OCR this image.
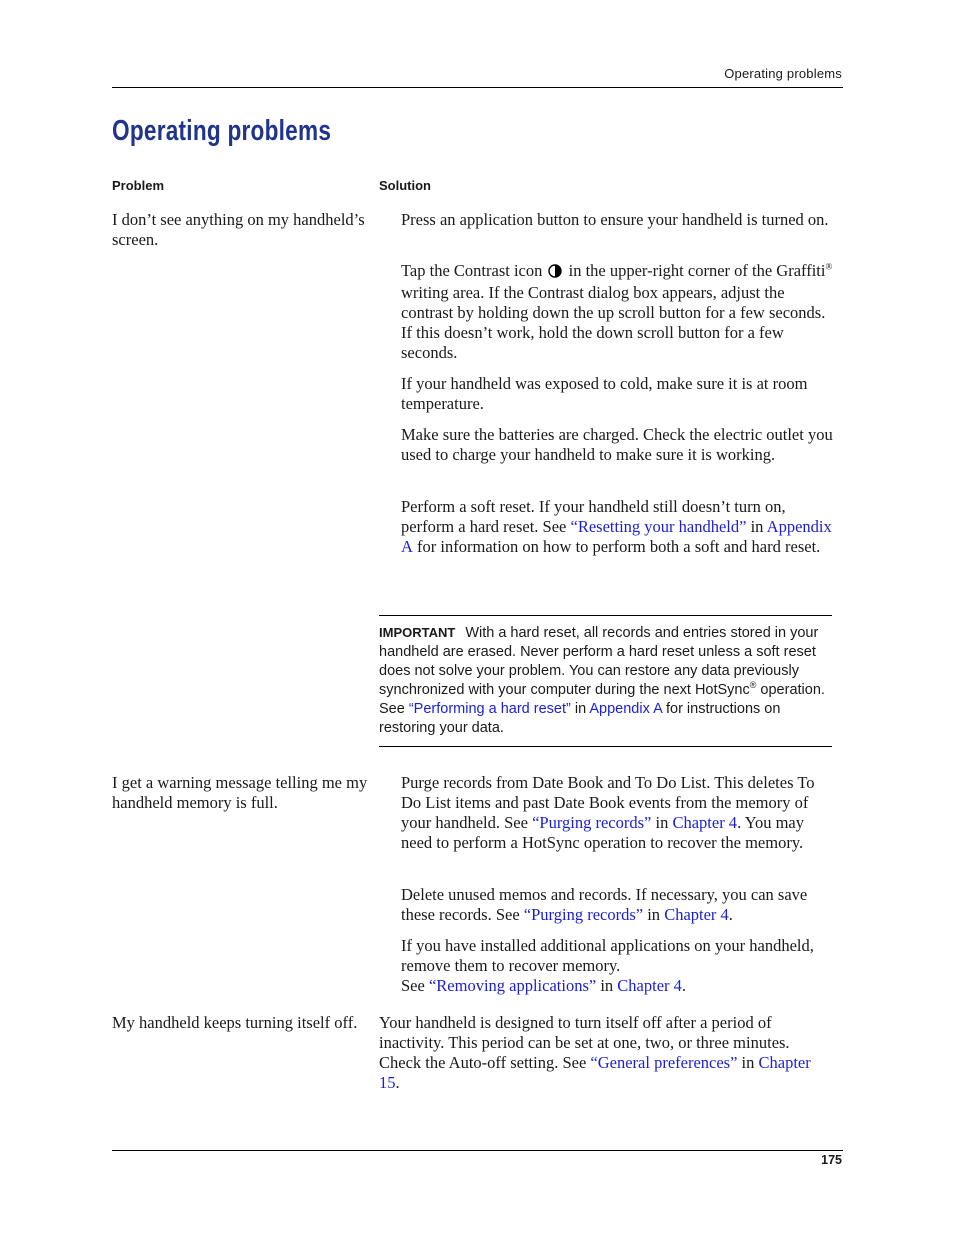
Operating problems
Operating problems
Problem	Solution
I don’t see anything on my handheld’s screen.
Press an application button to ensure your handheld is turned on.
Tap the Contrast icon in the upper-right corner of the Graffiti® writing area. If the Contrast dialog box appears, adjust the contrast by holding down the up scroll button for a few seconds. If this doesn’t work, hold the down scroll button for a few seconds.
If your handheld was exposed to cold, make sure it is at room temperature.
Make sure the batteries are charged. Check the electric outlet you used to charge your handheld to make sure it is working.
Perform a soft reset. If your handheld still doesn’t turn on, perform a hard reset. See “Resetting your handheld” in Appendix A for information on how to perform both a soft and hard reset.
IMPORTANT With a hard reset, all records and entries stored in your handheld are erased. Never perform a hard reset unless a soft reset does not solve your problem. You can restore any data previously synchronized with your computer during the next HotSync® operation. See “Performing a hard reset” in Appendix A for instructions on restoring your data.
I get a warning message telling me my handheld memory is full.
Purge records from Date Book and To Do List. This deletes To Do List items and past Date Book events from the memory of your handheld. See “Purging records” in Chapter 4. You may need to perform a HotSync operation to recover the memory.
Delete unused memos and records. If necessary, you can save these records. See “Purging records” in Chapter 4.
If you have installed additional applications on your handheld, remove them to recover memory.
See “Removing applications” in Chapter 4.
My handheld keeps turning itself off.	Your handheld is designed to turn itself off after a period of inactivity. This period can be set at one, two, or three minutes. Check the Auto-off setting. See “General preferences” in Chapter 15.
175
